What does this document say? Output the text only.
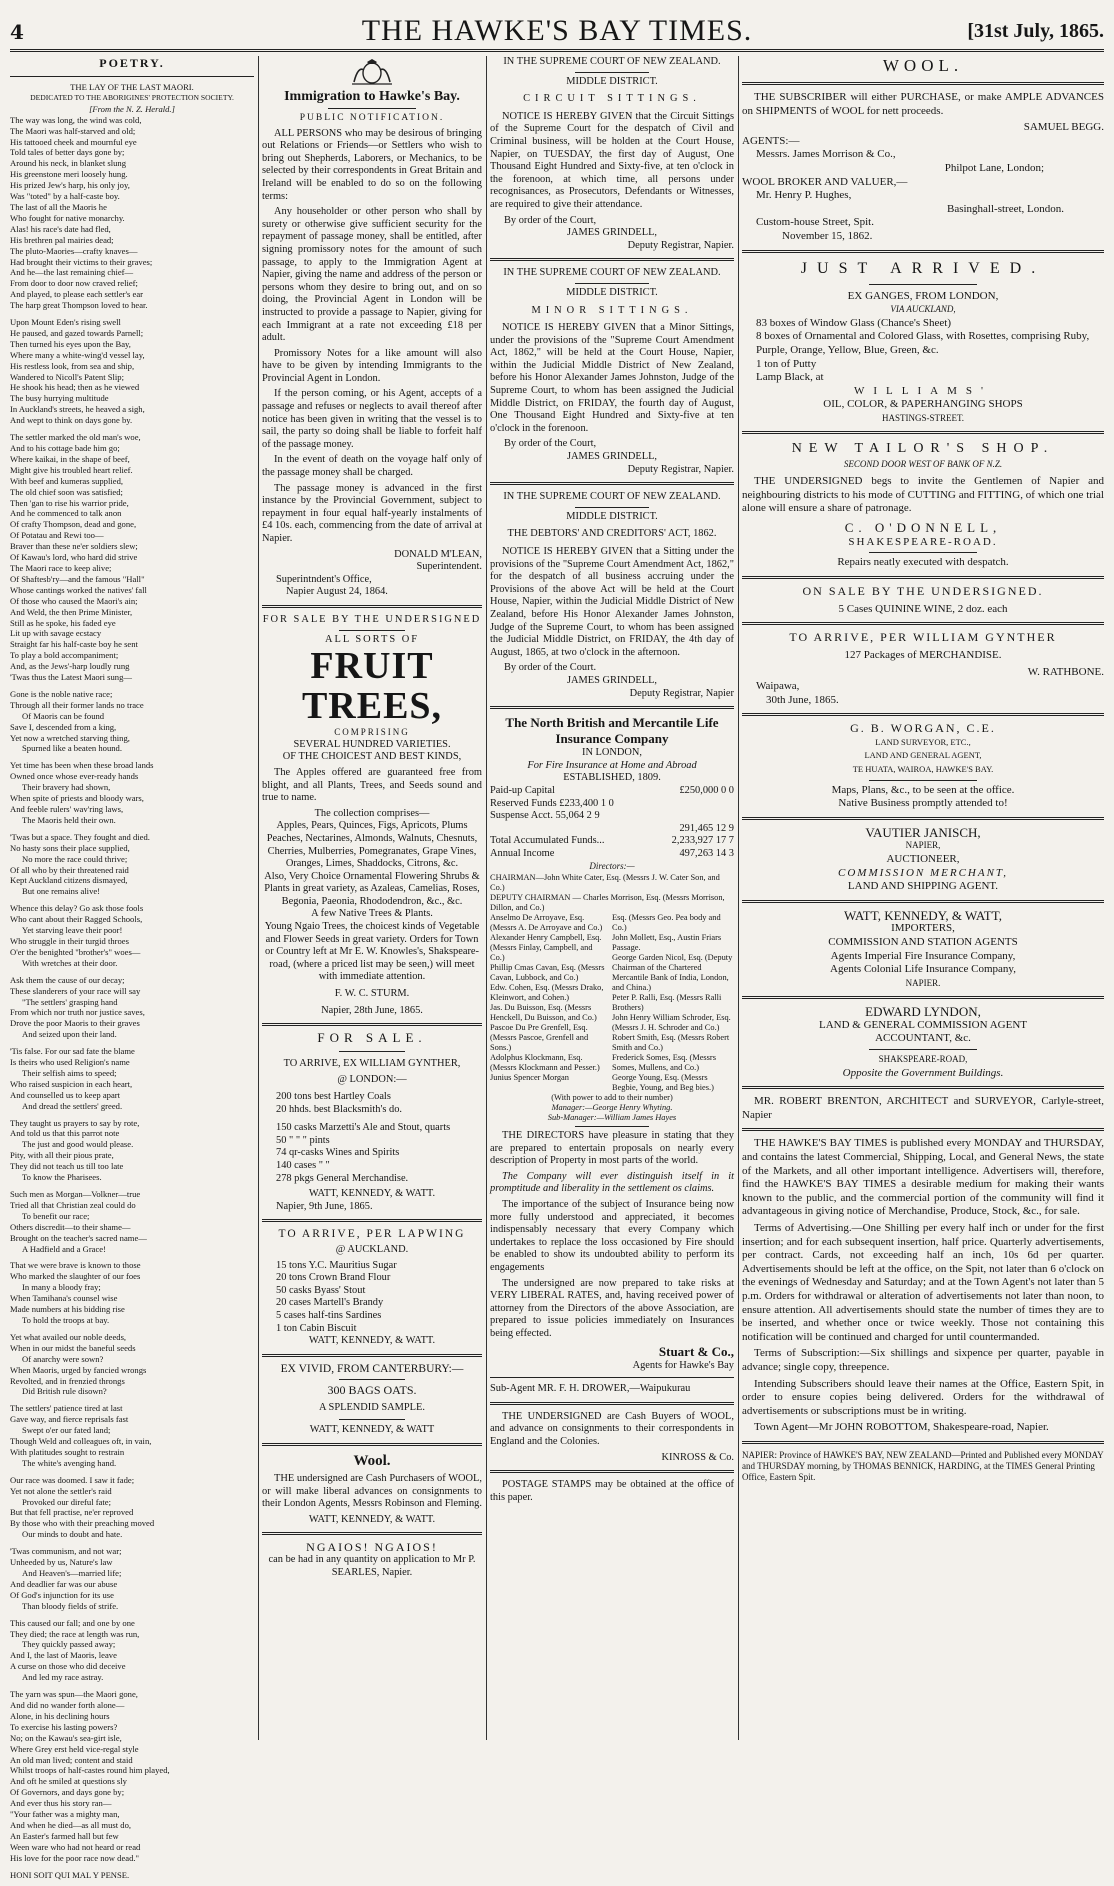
4	THE HAWKE'S BAY TIMES.	[31st July, 1865.
POETRY.
THE LAY OF THE LAST MAORI.
DEDICATED TO THE ABORIGINES' PROTECTION SOCIETY.
[From the N. Z. Herald.]
The way was long, the wind was cold,
The Maori was half-starved and old;
His tattooed cheek and mournful eye
Told tales of better days gone by;
Around his neck, in blanket slung
His greenstone meri loosely hung.
His prized Jew's harp, his only joy,
Was "toted" by a half-caste boy.
The last of all the Maoris he
Who fought for native monarchy.
Alas! his race's date had fled,
His brethren pal mairies dead;
The pluto-Maories—crafty knaves—
Had brought their victims to their graves;
And he—the last remaining chief—
From door to door now craved relief;
And played, to please each settler's ear
The harp great Thompson loved to hear.
Upon Mount Eden's rising swell
He paused, and gazed towards Parnell;
Then turned his eyes upon the Bay,
Where many a white-wing'd vessel lay,
His restless look, from sea and ship,
Wandered to Nicoll's Patent Slip;
He shook his head; then as he viewed
The busy hurrying multitude
In Auckland's streets, he heaved a sigh,
And wept to think on days gone by.
The settler marked the old man's woe,
And to his cottage bade him go;
Where kaikai, in the shape of beef,
Might give his troubled heart relief.
With beef and kumeras supplied,
The old chief soon was satisfied;
Then 'gan to rise his warrior pride,
And he commenced to talk anon
Of crafty Thompson, dead and gone,
Of Potatau and Rewi too—
Braver than these ne'er soldiers slew;
Of Kawau's lord, who hard did strive
The Maori race to keep alive;
Of Shaftesb'ry—and the famous "Hall"
Whose cantings worked the natives' fall
Of those who caused the Maori's ain;
And Weld, the then Prime Minister,
Still as he spoke, his faded eye
Lit up with savage ecstacy
Straight far his half-caste boy he sent
To play a bold accompaniment;
And, as the Jews'-harp loudly rung
'Twas thus the Latest Maori sung—
Gone is the noble native race;
Through all their former lands no trace
Of Maoris can be found
Save I, descended from a king,
Yet now a wretched starving thing,
Spurned like a beaten hound.
Yet time has been when these broad lands
Owned once whose ever-ready hands
Their bravery had shown,
When spite of priests and bloody wars,
And feeble rulers' wav'ring laws,
The Maoris held their own.
'Twas but a space. They fought and died.
No hasty sons their place supplied,
No more the race could thrive;
Of all who by their threatened raid
Kept Auckland citizens dismayed,
But one remains alive!
Whence this delay? Go ask those fools
Who cant about their Ragged Schools,
Yet starving leave their poor!
Who struggle in their turgid throes
O'er the benighted "brother's" woes—
With wretches at their door.
Ask them the cause of our decay;
These slanderers of your race will say
"The settlers' grasping hand
From which nor truth nor justice saves,
Drove the poor Maoris to their graves
And seized upon their land.
'Tis false. For our sad fate the blame
Is theirs who used Religion's name
Their selfish aims to speed;
Who raised suspicion in each heart,
And counselled us to keep apart
And dread the settlers' greed.
They taught us prayers to say by rote,
And told us that this parrot note
The just and good would please.
Pity, with all their pious prate,
They did not teach us till too late
To know the Pharisees.
Such men as Morgan—Volkner—true
Tried all that Christian zeal could do
To benefit our race;
Others discredit—to their shame—
Brought on the teacher's sacred name—
A Hadfield and a Grace!
That we were brave is known to those
Who marked the slaughter of our foes
In many a bloody fray;
When Tamihana's counsel wise
Made numbers at his bidding rise
To hold the troops at bay.
Yet what availed our noble deeds,
When in our midst the baneful seeds
Of anarchy were sown?
When Maoris, urged by fancied wrongs
Revolted, and in frenzied throngs
Did British rule disown?
The settlers' patience tired at last
Gave way, and fierce reprisals fast
Swept o'er our fated land;
Though Weld and colleagues oft, in vain,
With platitudes sought to restrain
The white's avenging hand.
Our race was doomed. I saw it fade;
Yet not alone the settler's raid
Provoked our direful fate;
But that fell practise, ne'er reproved
By those who with their preaching moved
Our minds to doubt and hate.
'Twas communism, and not war;
Unheeded by us, Nature's law
And Heaven's—married life;
And deadlier far was our abuse
Of God's injunction for its use
Than bloody fields of strife.
This caused our fall; and one by one
They died; the race at length was run,
They quickly passed away;
And I, the last of Maoris, leave
A curse on those who did deceive
And led my race astray.
The yarn was spun—the Maori gone,
And did no wander forth alone—
Alone, in his declining hours
To exercise his lasting powers?
No; on the Kawau's sea-girt isle,
Where Grey erst held vice-regal style
An old man lived; content and staid
Whilst troops of half-castes round him played,
And oft he smiled at questions sly
Of Governors, and days gone by;
And ever thus his story ran—
"Your father was a mighty man,
And when he died—as all must do,
An Easter's farmed hall but few
Ween ware who had not heard or read
His love for the poor race now dead."
HONI SOIT QUI MAL Y PENSE.
Immigration to Hawke's Bay.
PUBLIC NOTIFICATION.
ALL PERSONS who may be desirous of bringing out Relations or Friends—or Settlers who wish to bring out Shepherds, Laborers, or Mechanics, to be selected by their correspondents in Great Britain and Ireland will be enabled to do so on the following terms:
Any householder or other person who shall by surety or otherwise give sufficient security for the repayment of passage money, shall be entitled, after signing promissory notes for the amount of such passage, to apply to the Immigration Agent at Napier, giving the name and address of the person or persons whom they desire to bring out, and on so doing, the Provincial Agent in London will be instructed to provide a passage to Napier, giving for each Immigrant at a rate not exceeding £18 per adult.
Promissory Notes for a like amount will also have to be given by intending Immigrants to the Provincial Agent in London.
If the person coming, or his Agent, accepts of a passage and refuses or neglects to avail thereof after notice has been given in writing that the vessel is to sail, the party so doing shall be liable to forfeit half of the passage money.
In the event of death on the voyage half only of the passage money shall be charged.
The passage money is advanced in the first instance by the Provincial Government, subject to repayment in four equal half-yearly instalments of £4 10s. each, commencing from the date of arrival at Napier.
DONALD M'LEAN,
Superintendent.
Superintndent's Office,
Napier August 24, 1864.
FOR SALE BY THE UNDERSIGNED
ALL SORTS OF
FRUIT TREES,
COMPRISING
SEVERAL HUNDRED VARIETIES.
OF THE CHOICEST AND BEST KINDS,
The Apples offered are guaranteed free from blight, and all Plants, Trees, and Seeds sound and true to name.
The collection comprises—
Apples, Pears, Quinces, Figs, Apricots, Plums Peaches, Nectarines, Almonds, Walnuts, Chesnuts, Cherries, Mulberries, Pomegranates, Grape Vines, Oranges, Limes, Shaddocks, Citrons, &c.
Also, Very Choice Ornamental Flowering Shrubs & Plants in great variety, as Azaleas, Camelias, Roses, Begonia, Paeonia, Rhododendron, &c., &c.
A few Native Trees & Plants.
Young Ngaio Trees, the choicest kinds of Vegetable and Flower Seeds in great variety. Orders for Town or Country left at Mr E. W. Knowles's, Shakspeare-road, (where a priced list may be seen,) will meet with immediate attention.
F. W. C. STURM.
Napier, 28th June, 1865.
FOR SALE.
TO ARRIVE, EX WILLIAM GYNTHER,
@ LONDON:—
200 tons best Hartley Coals
20 hhds. best Blacksmith's do.
150 casks Marzetti's Ale and Stout, quarts
50 " " " pints
74 qr-casks Wines and Spirits
140 cases " "
278 pkgs General Merchandise.
WATT, KENNEDY, & WATT.
Napier, 9th June, 1865.
TO ARRIVE, PER LAPWING
@ AUCKLAND.
15 tons Y.C. Mauritius Sugar
20 tons Crown Brand Flour
50 casks Byass' Stout
20 cases Martell's Brandy
5 cases half-tins Sardines
1 ton Cabin Biscuit
WATT, KENNEDY, & WATT.
EX VIVID, FROM CANTERBURY:—
300 BAGS OATS.
A SPLENDID SAMPLE.
WATT, KENNEDY, & WATT
Wool.
THE undersigned are Cash Purchasers of WOOL, or will make liberal advances on consignments to their London Agents, Messrs Robinson and Fleming.
WATT, KENNEDY, & WATT.
NGAIOS! NGAIOS!
can be had in any quantity on application to Mr P. SEARLES, Napier.
IN THE SUPREME COURT OF NEW ZEALAND.
MIDDLE DISTRICT.
CIRCUIT SITTINGS.
NOTICE IS HEREBY GIVEN that the Circuit Sittings of the Supreme Court for the despatch of Civil and Criminal business, will be holden at the Court House, Napier, on TUESDAY, the first day of August, One Thousand Eight Hundred and Sixty-five, at ten o'clock in the forenoon, at which time, all persons under recognisances, as Prosecutors, Defendants or Witnesses, are required to give their attendance.
By order of the Court,
JAMES GRINDELL,
Deputy Registrar, Napier.
IN THE SUPREME COURT OF NEW ZEALAND.
MIDDLE DISTRICT.
MINOR SITTINGS.
NOTICE IS HEREBY GIVEN that a Minor Sittings, under the provisions of the "Supreme Court Amendment Act, 1862," will be held at the Court House, Napier, within the Judicial Middle District of New Zealand, before his Honor Alexander James Johnston, Judge of the Supreme Court, to whom has been assigned the Judicial Middle District, on FRIDAY, the fourth day of August, One Thousand Eight Hundred and Sixty-five at ten o'clock in the forenoon.
By order of the Court,
JAMES GRINDELL,
Deputy Registrar, Napier.
IN THE SUPREME COURT OF NEW ZEALAND.
MIDDLE DISTRICT.
THE DEBTORS' AND CREDITORS' ACT, 1862.
NOTICE IS HEREBY GIVEN that a Sitting under the provisions of the "Supreme Court Amendment Act, 1862," for the despatch of all business accruing under the Provisions of the above Act will be held at the Court House, Napier, within the Judicial Middle District of New Zealand, before His Honor Alexander James Johnston, Judge of the Supreme Court, to whom has been assigned the Judicial Middle District, on FRIDAY, the 4th day of August, 1865, at two o'clock in the afternoon.
By order of the Court.
JAMES GRINDELL,
Deputy Registrar, Napier
The North British and Mercantile Life Insurance Company
IN LONDON,
For Fire Insurance at Home and Abroad
ESTABLISHED, 1809.
Paid-up Capital	£250,000 0 0
Reserved Funds £233,400 1 0	
Suspense Acct. 55,064 2 9	
	291,465 12 9
Total Accumulated Funds...	2,233,927 17 7
Annual Income	497,263 14 3
Directors:—
CHAIRMAN—John White Cater, Esq. (Messrs J. W. Cater Son, and Co.)
DEPUTY CHAIRMAN — Charles Morrison, Esq. (Messrs Morrison, Dillon, and Co.)
Anselmo De Arroyave, Esq. (Messrs A. De Arroyave and Co.)
Alexander Henry Campbell, Esq. (Messrs Finlay, Campbell, and Co.)
Phillip Cmas Cavan, Esq. (Messrs Cavan, Lubbock, and Co.)
Edw. Cohen, Esq. (Messrs Drako, Kleinwort, and Cohen.)
Jas. Du Buisson, Esq. (Messrs Henckell, Du Buisson, and Co.)
Pascoe Du Pre Grenfell, Esq. (Messrs Pascoe, Grenfell and Sons.)
Adolphus Klockmann, Esq. (Messrs Klockmann and Pesser.)
Junius Spencer Morgan

Esq. (Messrs Geo. Pea body and Co.)
John Mollett, Esq., Austin Friars Passage.
George Garden Nicol, Esq. (Deputy Chairman of the Chartered Mercantile Bank of India, London, and China.)
Peter P. Ralli, Esq. (Messrs Ralli Brothers)
John Henry William Schroder, Esq. (Messrs J. H. Schroder and Co.)
Robert Smith, Esq. (Messrs Robert Smith and Co.)
Frederick Somes, Esq. (Messrs Somes, Mullens, and Co.)
George Young, Esq. (Messrs Begbie, Young, and Beg bies.)
(With power to add to their number)
Manager:—George Henry Whyting.
Sub-Manager:—William James Hayes
THE DIRECTORS have pleasure in stating that they are prepared to entertain proposals on nearly every description of Property in most parts of the world.
The Company will ever distinguish itself in it promptitude and liberality in the settlement os claims.
The importance of the subject of Insurance being now more fully understood and appreciated, it becomes indispensably necessary that every Company which undertakes to replace the loss occasioned by Fire should be enabled to show its undoubted ability to perform its engagements
The undersigned are now prepared to take risks at VERY LIBERAL RATES, and, having received power of attorney from the Directors of the above Association, are prepared to issue policies immediately on Insurances being effected.
Stuart & Co.,
Agents for Hawke's Bay
Sub-Agent MR. F. H. DROWER,—Waipukurau
THE UNDERSIGNED are Cash Buyers of WOOL, and advance on consignments to their correspondents in England and the Colonies.
KINROSS & Co.
POSTAGE STAMPS may be obtained at the office of this paper.
WOOL.
THE SUBSCRIBER will either PURCHASE, or make AMPLE ADVANCES on SHIPMENTS of WOOL for nett proceeds.
SAMUEL BEGG.
AGENTS:—
Messrs. James Morrison & Co.,
Philpot Lane, London;
WOOL BROKER AND VALUER,—
Mr. Henry P. Hughes,
Basinghall-street, London.
Custom-house Street, Spit.
November 15, 1862.
JUST ARRIVED.
EX GANGES, FROM LONDON,
VIA AUCKLAND,
83 boxes of Window Glass (Chance's Sheet)
8 boxes of Ornamental and Colored Glass, with Rosettes, comprising Ruby, Purple, Orange, Yellow, Blue, Green, &c.
1 ton of Putty
Lamp Black, at
WILLIAMS'
OIL, COLOR, & PAPERHANGING SHOPS
HASTINGS-STREET.
NEW TAILOR'S SHOP.
SECOND DOOR WEST OF BANK OF N.Z.
THE UNDERSIGNED begs to invite the Gentlemen of Napier and neighbouring districts to his mode of CUTTING and FITTING, of which one trial alone will ensure a share of patronage.
C. O'DONNELL,
SHAKESPEARE-ROAD.
Repairs neatly executed with despatch.
ON SALE BY THE UNDERSIGNED.
5 Cases QUININE WINE, 2 doz. each
TO ARRIVE, PER WILLIAM GYNTHER
127 Packages of MERCHANDISE.
W. RATHBONE.
Waipawa,
30th June, 1865.
G. B. WORGAN, C.E.
LAND SURVEYOR, ETC.,
LAND AND GENERAL AGENT,
TE HUATA, WAIROA, HAWKE'S BAY.
Maps, Plans, &c., to be seen at the office.
Native Business promptly attended to!
VAUTIER JANISCH,
NAPIER,
AUCTIONEER,
COMMISSION MERCHANT,
LAND AND SHIPPING AGENT.
WATT, KENNEDY, & WATT,
IMPORTERS,
COMMISSION AND STATION AGENTS
Agents Imperial Fire Insurance Company,
Agents Colonial Life Insurance Company,
NAPIER.
EDWARD LYNDON,
LAND & GENERAL COMMISSION AGENT
ACCOUNTANT, &c.
SHAKSPEARE-ROAD,
Opposite the Government Buildings.
MR. ROBERT BRENTON, ARCHITECT and SURVEYOR, Carlyle-street, Napier
THE HAWKE'S BAY TIMES is published every MONDAY and THURSDAY, and contains the latest Commercial, Shipping, Local, and General News, the state of the Markets, and all other important intelligence. Advertisers will, therefore, find the HAWKE'S BAY TIMES a desirable medium for making their wants known to the public, and the commercial portion of the community will find it advantageous in giving notice of Merchandise, Produce, Stock, &c., for sale.
Terms of Advertising.—One Shilling per every half inch or under for the first insertion; and for each subsequent insertion, half price. Quarterly advertisements, per contract. Cards, not exceeding half an inch, 10s 6d per quarter. Advertisements should be left at the office, on the Spit, not later than 6 o'clock on the evenings of Wednesday and Saturday; and at the Town Agent's not later than 5 p.m. Orders for withdrawal or alteration of advertisements not later than noon, to ensure attention. All advertisements should state the number of times they are to be inserted, and whether once or twice weekly. Those not containing this notification will be continued and charged for until countermanded.
Terms of Subscription:—Six shillings and sixpence per quarter, payable in advance; single copy, threepence.
Intending Subscribers should leave their names at the Office, Eastern Spit, in order to ensure copies being delivered. Orders for the withdrawal of advertisements or subscriptions must be in writing.
Town Agent—Mr JOHN ROBOTTOM, Shakespeare-road, Napier.
NAPIER: Province of HAWKE'S BAY, NEW ZEALAND—Printed and Published every MONDAY and THURSDAY morning, by THOMAS BENNICK, HARDING, at the TIMES General Printing Office, Eastern Spit.
